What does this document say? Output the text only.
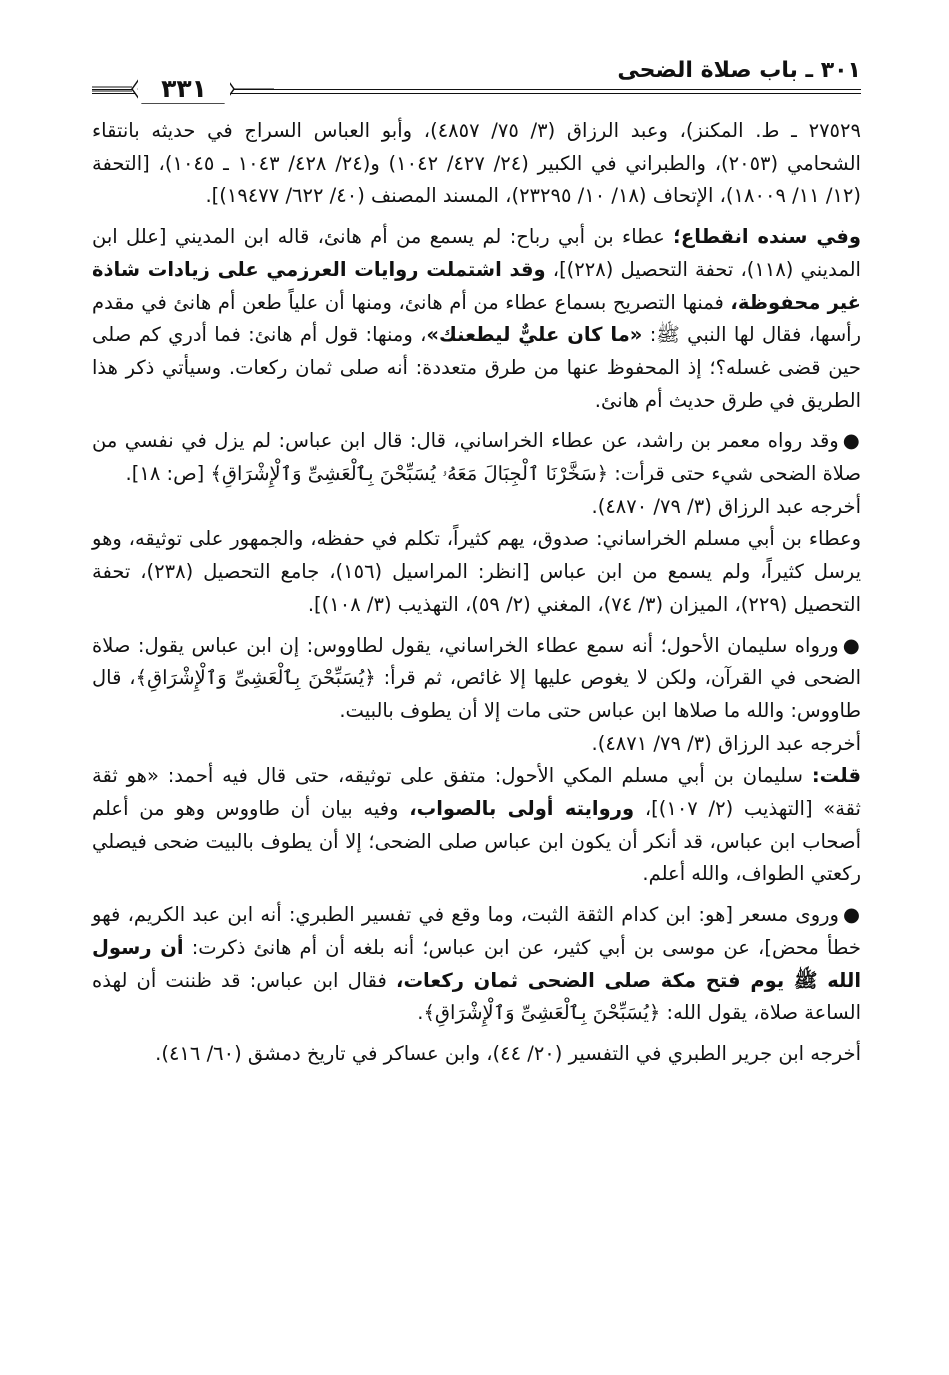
٣٠١ ـ باب صلاة الضحى
٣٣١

٢٧٥٢٩ ـ ط. المكنز)، وعبد الرزاق (٣/ ٧٥/ ٤٨٥٧)، وأبو العباس السراج في حديثه بانتقاء الشحامي (٢٠٥٣)، والطبراني في الكبير (٢٤/ ٤٢٧/ ١٠٤٢) و(٢٤/ ٤٢٨/ ١٠٤٣ ـ ١٠٤٥)، [التحفة (١٢/ ١١/ ١٨٠٠٩)، الإتحاف (١٨/ ١٠/ ٢٣٢٩٥)، المسند المصنف (٤٠/ ٦٢٢/ ١٩٤٧٧)].

وفي سنده انقطاع؛ عطاء بن أبي رباح: لم يسمع من أم هانئ، قاله ابن المديني [علل ابن المديني (١١٨)، تحفة التحصيل (٢٢٨)]، وقد اشتملت روايات العرزمي على زيادات شاذة غير محفوظة، فمنها التصريح بسماع عطاء من أم هانئ، ومنها أن علياً طعن أم هانئ في مقدم رأسها، فقال لها النبي ﷺ: «ما كان عليٌّ ليطعنك»، ومنها: قول أم هانئ: فما أدري كم صلى حين قضى غسله؟؛ إذ المحفوظ عنها من طرق متعددة: أنه صلى ثمان ركعات. وسيأتي ذكر هذا الطريق في طرق حديث أم هانئ.

●وقد رواه معمر بن راشد، عن عطاء الخراساني، قال: قال ابن عباس: لم يزل في نفسي من صلاة الضحى شيء حتى قرأت: ﴿سَخَّرْنَا ٱلْجِبَالَ مَعَهُۥ يُسَبِّحْنَ بِٱلْعَشِىِّ وَٱلْإِشْرَاقِ﴾ [ص: ١٨].

أخرجه عبد الرزاق (٣/ ٧٩/ ٤٨٧٠).

وعطاء بن أبي مسلم الخراساني: صدوق، يهم كثيراً، تكلم في حفظه، والجمهور على توثيقه، وهو يرسل كثيراً، ولم يسمع من ابن عباس [انظر: المراسيل (١٥٦)، جامع التحصيل (٢٣٨)، تحفة التحصيل (٢٢٩)، الميزان (٣/ ٧٤)، المغني (٢/ ٥٩)، التهذيب (٣/ ١٠٨)].

●ورواه سليمان الأحول؛ أنه سمع عطاء الخراساني، يقول لطاووس: إن ابن عباس يقول: صلاة الضحى في القرآن، ولكن لا يغوص عليها إلا غائص، ثم قرأ: ﴿يُسَبِّحْنَ بِٱلْعَشِىِّ وَٱلْإِشْرَاقِ﴾، قال طاووس: والله ما صلاها ابن عباس حتى مات إلا أن يطوف بالبيت.

أخرجه عبد الرزاق (٣/ ٧٩/ ٤٨٧١).

قلت: سليمان بن أبي مسلم المكي الأحول: متفق على توثيقه، حتى قال فيه أحمد: «هو ثقة ثقة» [التهذيب (٢/ ١٠٧)]، وروايته أولى بالصواب، وفيه بيان أن طاووس وهو من أعلم أصحاب ابن عباس، قد أنكر أن يكون ابن عباس صلى الضحى؛ إلا أن يطوف بالبيت ضحى فيصلي ركعتي الطواف، والله أعلم.

●وروى مسعر [هو: ابن كدام الثقة الثبت، وما وقع في تفسير الطبري: أنه ابن عبد الكريم، فهو خطأ محض]، عن موسى بن أبي كثير، عن ابن عباس؛ أنه بلغه أن أم هانئ ذكرت: أن رسول الله ﷺ يوم فتح مكة صلى الضحى ثمان ركعات، فقال ابن عباس: قد ظننت أن لهذه الساعة صلاة، يقول الله: ﴿يُسَبِّحْنَ بِٱلْعَشِىِّ وَٱلْإِشْرَاقِ﴾.

أخرجه ابن جرير الطبري في التفسير (٢٠/ ٤٤)، وابن عساكر في تاريخ دمشق (٦٠/ ٤١٦).
